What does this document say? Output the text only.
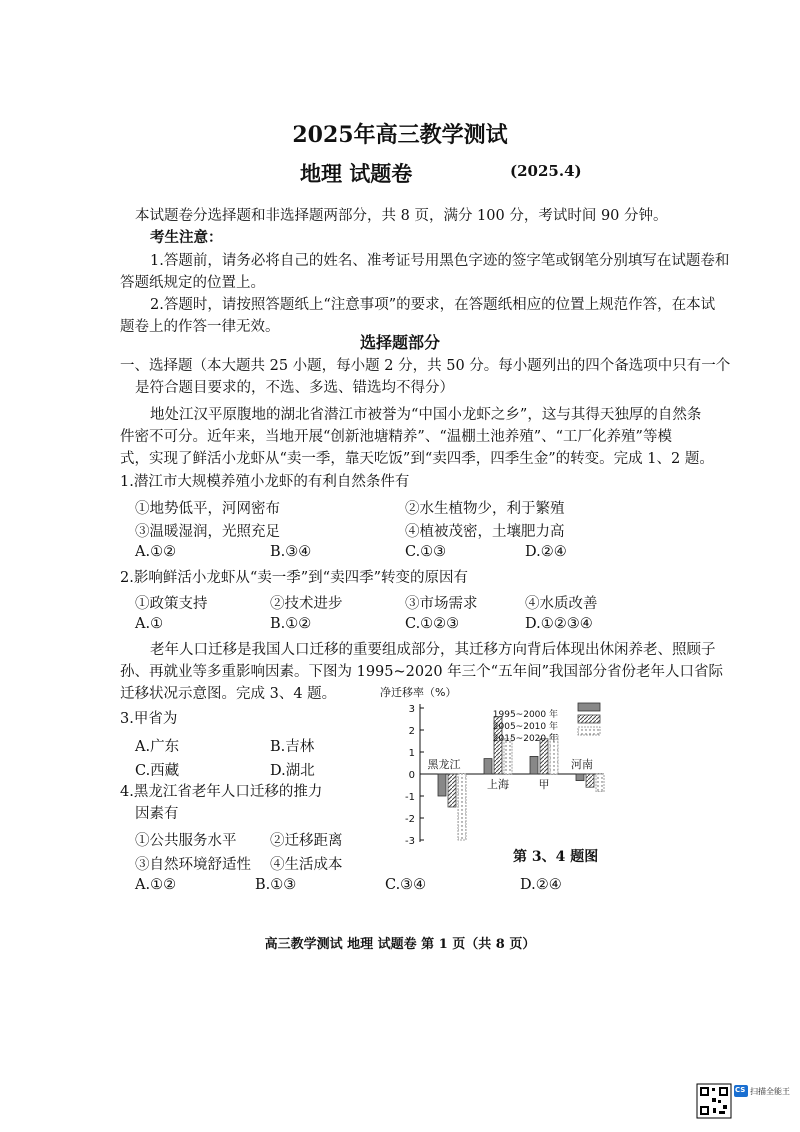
2025年高三教学测试
地理 试题卷	(2025.4)
本试题卷分选择题和非选择题两部分，共 8 页，满分 100 分，考试时间 90 分钟。
考生注意：
1.答题前，请务必将自己的姓名、准考证号用黑色字迹的签字笔或钢笔分别填写在试题卷和
答题纸规定的位置上。
2.答题时，请按照答题纸上“注意事项”的要求，在答题纸相应的位置上规范作答，在本试
题卷上的作答一律无效。
选择题部分
一、选择题（本大题共 25 小题，每小题 2 分，共 50 分。每小题列出的四个备选项中只有一个
是符合题目要求的，不选、多选、错选均不得分）
地处江汉平原腹地的湖北省潜江市被誉为“中国小龙虾之乡”，这与其得天独厚的自然条
件密不可分。近年来，当地开展“创新池塘精养”、“温棚土池养殖”、“工厂化养殖”等模
式，实现了鲜活小龙虾从“卖一季，靠天吃饭”到“卖四季，四季生金”的转变。完成 1、2 题。
1.潜江市大规模养殖小龙虾的有利自然条件有
①地势低平，河网密布	②水生植物少，利于繁殖
③温暖湿润，光照充足	④植被茂密，土壤肥力高
A.①②	B.③④	C.①③	D.②④
2.影响鲜活小龙虾从“卖一季”到“卖四季”转变的原因有
①政策支持	②技术进步	③市场需求	④水质改善
A.①	B.①②	C.①②③	D.①②③④
老年人口迁移是我国人口迁移的重要组成部分，其迁移方向背后体现出休闲养老、照顾子
孙、再就业等多重影响因素。下图为 1995~2020 年三个“五年间”我国部分省份老年人口省际
迁移状况示意图。完成 3、4 题。
3.甲省为
A.广东	B.吉林
C.西藏	D.湖北
4.黑龙江省老年人口迁移的推力
因素有
①公共服务水平 ②迁移距离
③自然环境舒适性 ④生活成本
A.①②	B.①③	C.③④	D.②④
净迁移率（%）
-3
-2
-1
0
1
2
3
黑龙江
上海	甲
河南
1995~2000 年
2005~2010 年
2015~2020 年
第 3、4 题图
高三教学测试 地理 试题卷 第 1 页（共 8 页）
CS 扫描全能王
